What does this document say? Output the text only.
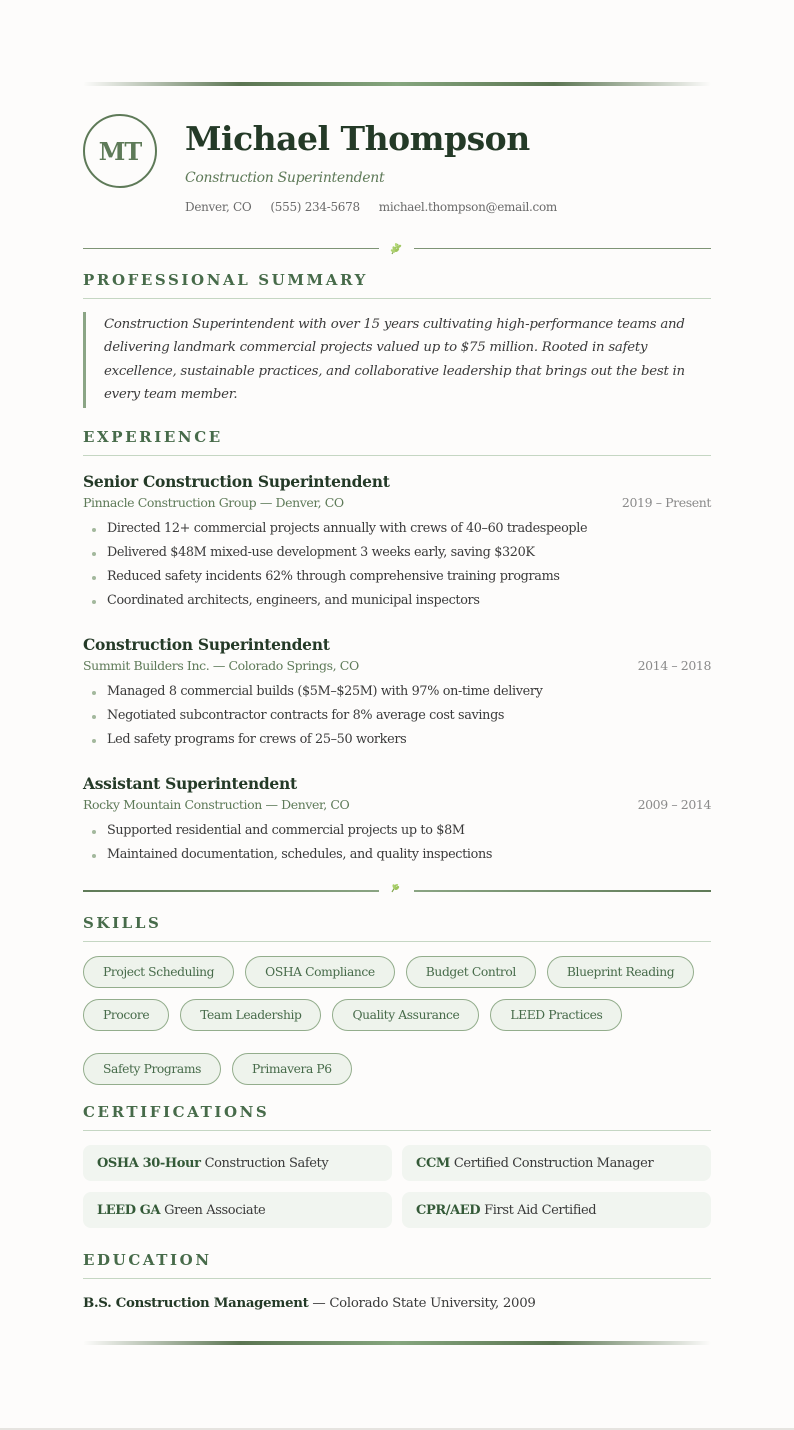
MT	Michael Thompson
Construction Superintendent
Denver, CO (555) 234-5678 michael.thompson@email.com
PROFESSIONAL SUMMARY
Construction Superintendent with over 15 years cultivating high-performance teams and delivering landmark commercial projects valued up to $75 million. Rooted in safety excellence, sustainable practices, and collaborative leadership that brings out the best in every team member.
EXPERIENCE
Senior Construction Superintendent
Pinnacle Construction Group — Denver, CO	2019 – Present
Directed 12+ commercial projects annually with crews of 40–60 tradespeople
Delivered $48M mixed-use development 3 weeks early, saving $320K
Reduced safety incidents 62% through comprehensive training programs
Coordinated architects, engineers, and municipal inspectors
Construction Superintendent
Summit Builders Inc. — Colorado Springs, CO	2014 – 2018
Managed 8 commercial builds ($5M–$25M) with 97% on-time delivery
Negotiated subcontractor contracts for 8% average cost savings
Led safety programs for crews of 25–50 workers
Assistant Superintendent
Rocky Mountain Construction — Denver, CO	2009 – 2014
Supported residential and commercial projects up to $8M
Maintained documentation, schedules, and quality inspections
SKILLS
Project Scheduling	OSHA Compliance	Budget Control	Blueprint Reading
Procore	Team Leadership	Quality Assurance	LEED Practices
Safety Programs	Primavera P6
CERTIFICATIONS
OSHA 30-Hour Construction Safety	CCM Certified Construction Manager
LEED GA Green Associate	CPR/AED First Aid Certified
EDUCATION
B.S. Construction Management — Colorado State University, 2009
